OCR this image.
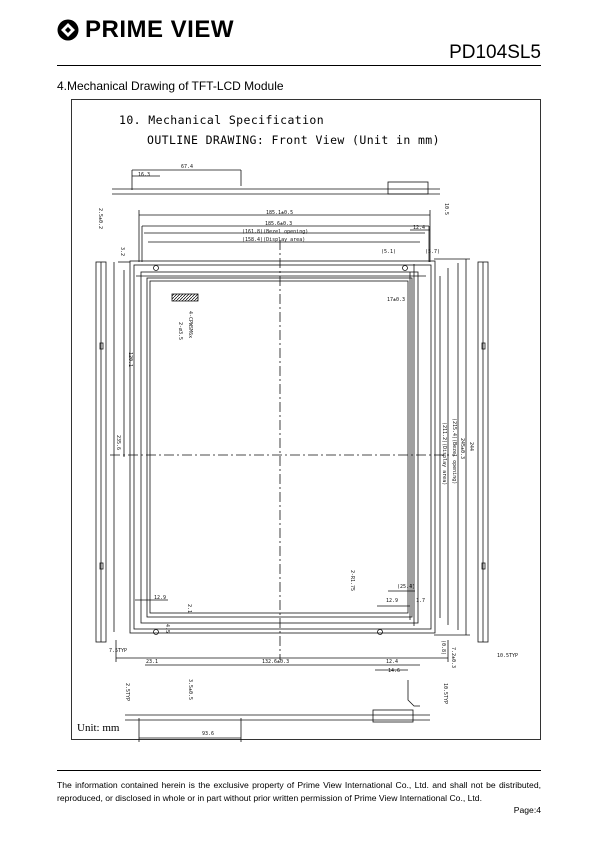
PRIME VIEW
PD104SL5
4.Mechanical Drawing of TFT-LCD Module
10. Mechanical Specification
OUTLINE DRAWING: Front View (Unit in mm)
Unit: mm
67.4
16.3
185.1±0.5
185.6±0.3
12.4
(161.8)(Bezel opening)
(158.4)(Display area)
(5.1)	(5.7)
17±0.3
(25.4)
12.9	1.7
12.9
7.5TYP
23.1	132.6±0.3	12.4
14.6
10.5TYP
93.6
2.5±0.2	10.5
3.2
4-CPWSM6x
2-ø3.5
120.1
235.6	244
245±0.3
(215.4)(Bezel opening)
(211.2)(Display area)
2-R1.75
2.1
4.5
(0.8) 7.2±0.3
2.5TYP	3.5±0.5	10.5TYP
The information contained herein is the exclusive property of Prime View International Co., Ltd. and shall not be distributed, reproduced, or disclosed in whole or in part without prior written permission of Prime View International Co., Ltd.
Page:4
